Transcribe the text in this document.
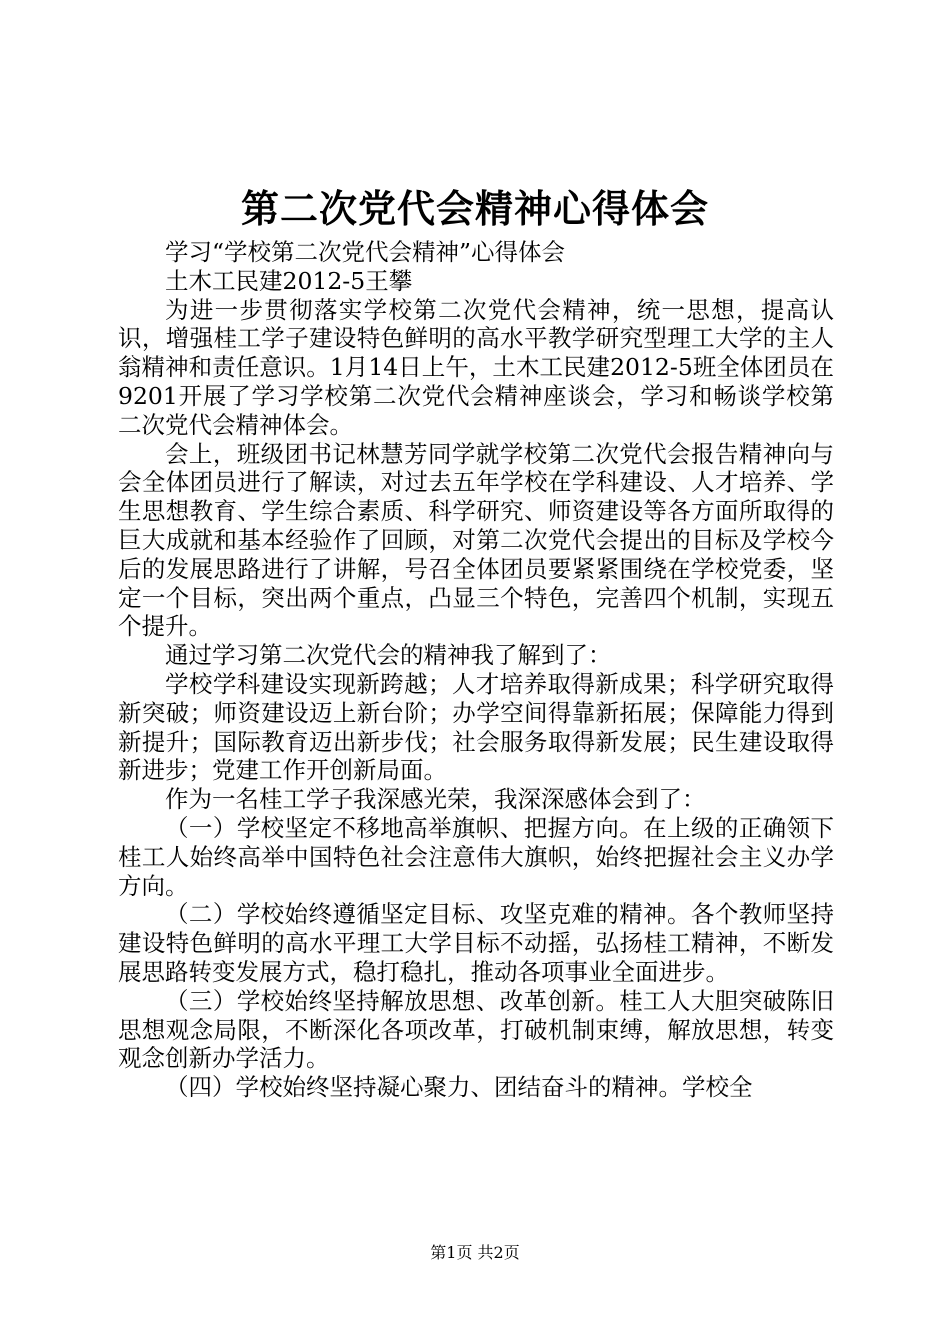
第二次党代会精神心得体会

学习“学校第二次党代会精神”心得体会

土木工民建2012-5王攀

为进一步贯彻落实学校第二次党代会精神，统一思想，提高认识，增强桂工学子建设特色鲜明的高水平教学研究型理工大学的主人翁精神和责任意识。1月14日上午，土木工民建2012-5班全体团员在9201开展了学习学校第二次党代会精神座谈会，学习和畅谈学校第二次党代会精神体会。

会上，班级团书记林慧芳同学就学校第二次党代会报告精神向与会全体团员进行了解读，对过去五年学校在学科建设、人才培养、学生思想教育、学生综合素质、科学研究、师资建设等各方面所取得的巨大成就和基本经验作了回顾，对第二次党代会提出的目标及学校今后的发展思路进行了讲解，号召全体团员要紧紧围绕在学校党委，坚定一个目标，突出两个重点，凸显三个特色，完善四个机制，实现五个提升。

通过学习第二次党代会的精神我了解到了：

学校学科建设实现新跨越；人才培养取得新成果；科学研究取得新突破；师资建设迈上新台阶；办学空间得靠新拓展；保障能力得到新提升；国际教育迈出新步伐；社会服务取得新发展；民生建设取得新进步；党建工作开创新局面。

作为一名桂工学子我深感光荣，我深深感体会到了：

（一）学校坚定不移地高举旗帜、把握方向。在上级的正确领下桂工人始终高举中国特色社会注意伟大旗帜，始终把握社会主义办学方向。

（二）学校始终遵循坚定目标、攻坚克难的精神。各个教师坚持建设特色鲜明的高水平理工大学目标不动摇，弘扬桂工精神，不断发展思路转变发展方式，稳打稳扎，推动各项事业全面进步。

（三）学校始终坚持解放思想、改革创新。桂工人大胆突破陈旧思想观念局限，不断深化各项改革，打破机制束缚，解放思想，转变观念创新办学活力。

（四）学校始终坚持凝心聚力、团结奋斗的精神。学校全

第1页 共2页
